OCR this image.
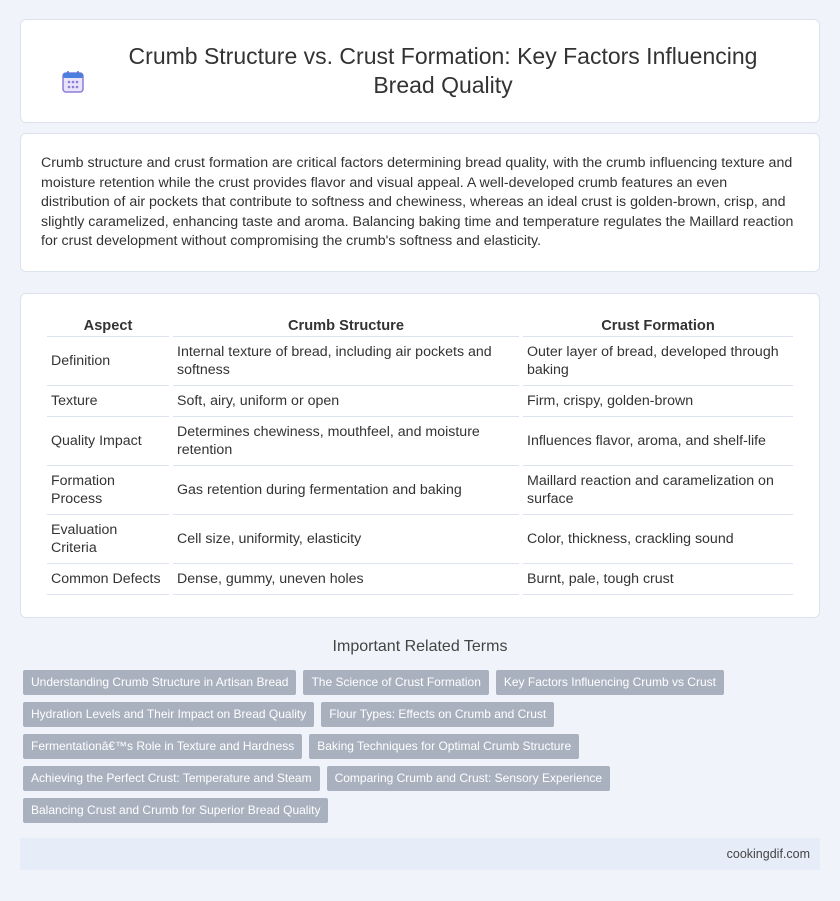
Crumb Structure vs. Crust Formation: Key Factors Influencing Bread Quality

Crumb structure and crust formation are critical factors determining bread quality, with the crumb influencing texture and moisture retention while the crust provides flavor and visual appeal. A well-developed crumb features an even distribution of air pockets that contribute to softness and chewiness, whereas an ideal crust is golden-brown, crisp, and slightly caramelized, enhancing taste and aroma. Balancing baking time and temperature regulates the Maillard reaction for crust development without compromising the crumb's softness and elasticity.

Aspect	Crumb Structure	Crust Formation
Definition	Internal texture of bread, including air pockets and softness	Outer layer of bread, developed through baking
Texture	Soft, airy, uniform or open	Firm, crispy, golden-brown
Quality Impact	Determines chewiness, mouthfeel, and moisture retention	Influences flavor, aroma, and shelf-life
Formation Process	Gas retention during fermentation and baking	Maillard reaction and caramelization on surface
Evaluation Criteria	Cell size, uniformity, elasticity	Color, thickness, crackling sound
Common Defects	Dense, gummy, uneven holes	Burnt, pale, tough crust
Important Related Terms
Understanding Crumb Structure in Artisan Bread	The Science of Crust Formation	Key Factors Influencing Crumb vs Crust
Hydration Levels and Their Impact on Bread Quality	Flour Types: Effects on Crumb and Crust
Fermentationâ€™s Role in Texture and Hardness	Baking Techniques for Optimal Crumb Structure
Achieving the Perfect Crust: Temperature and Steam	Comparing Crumb and Crust: Sensory Experience
Balancing Crust and Crumb for Superior Bread Quality
cookingdif.com
